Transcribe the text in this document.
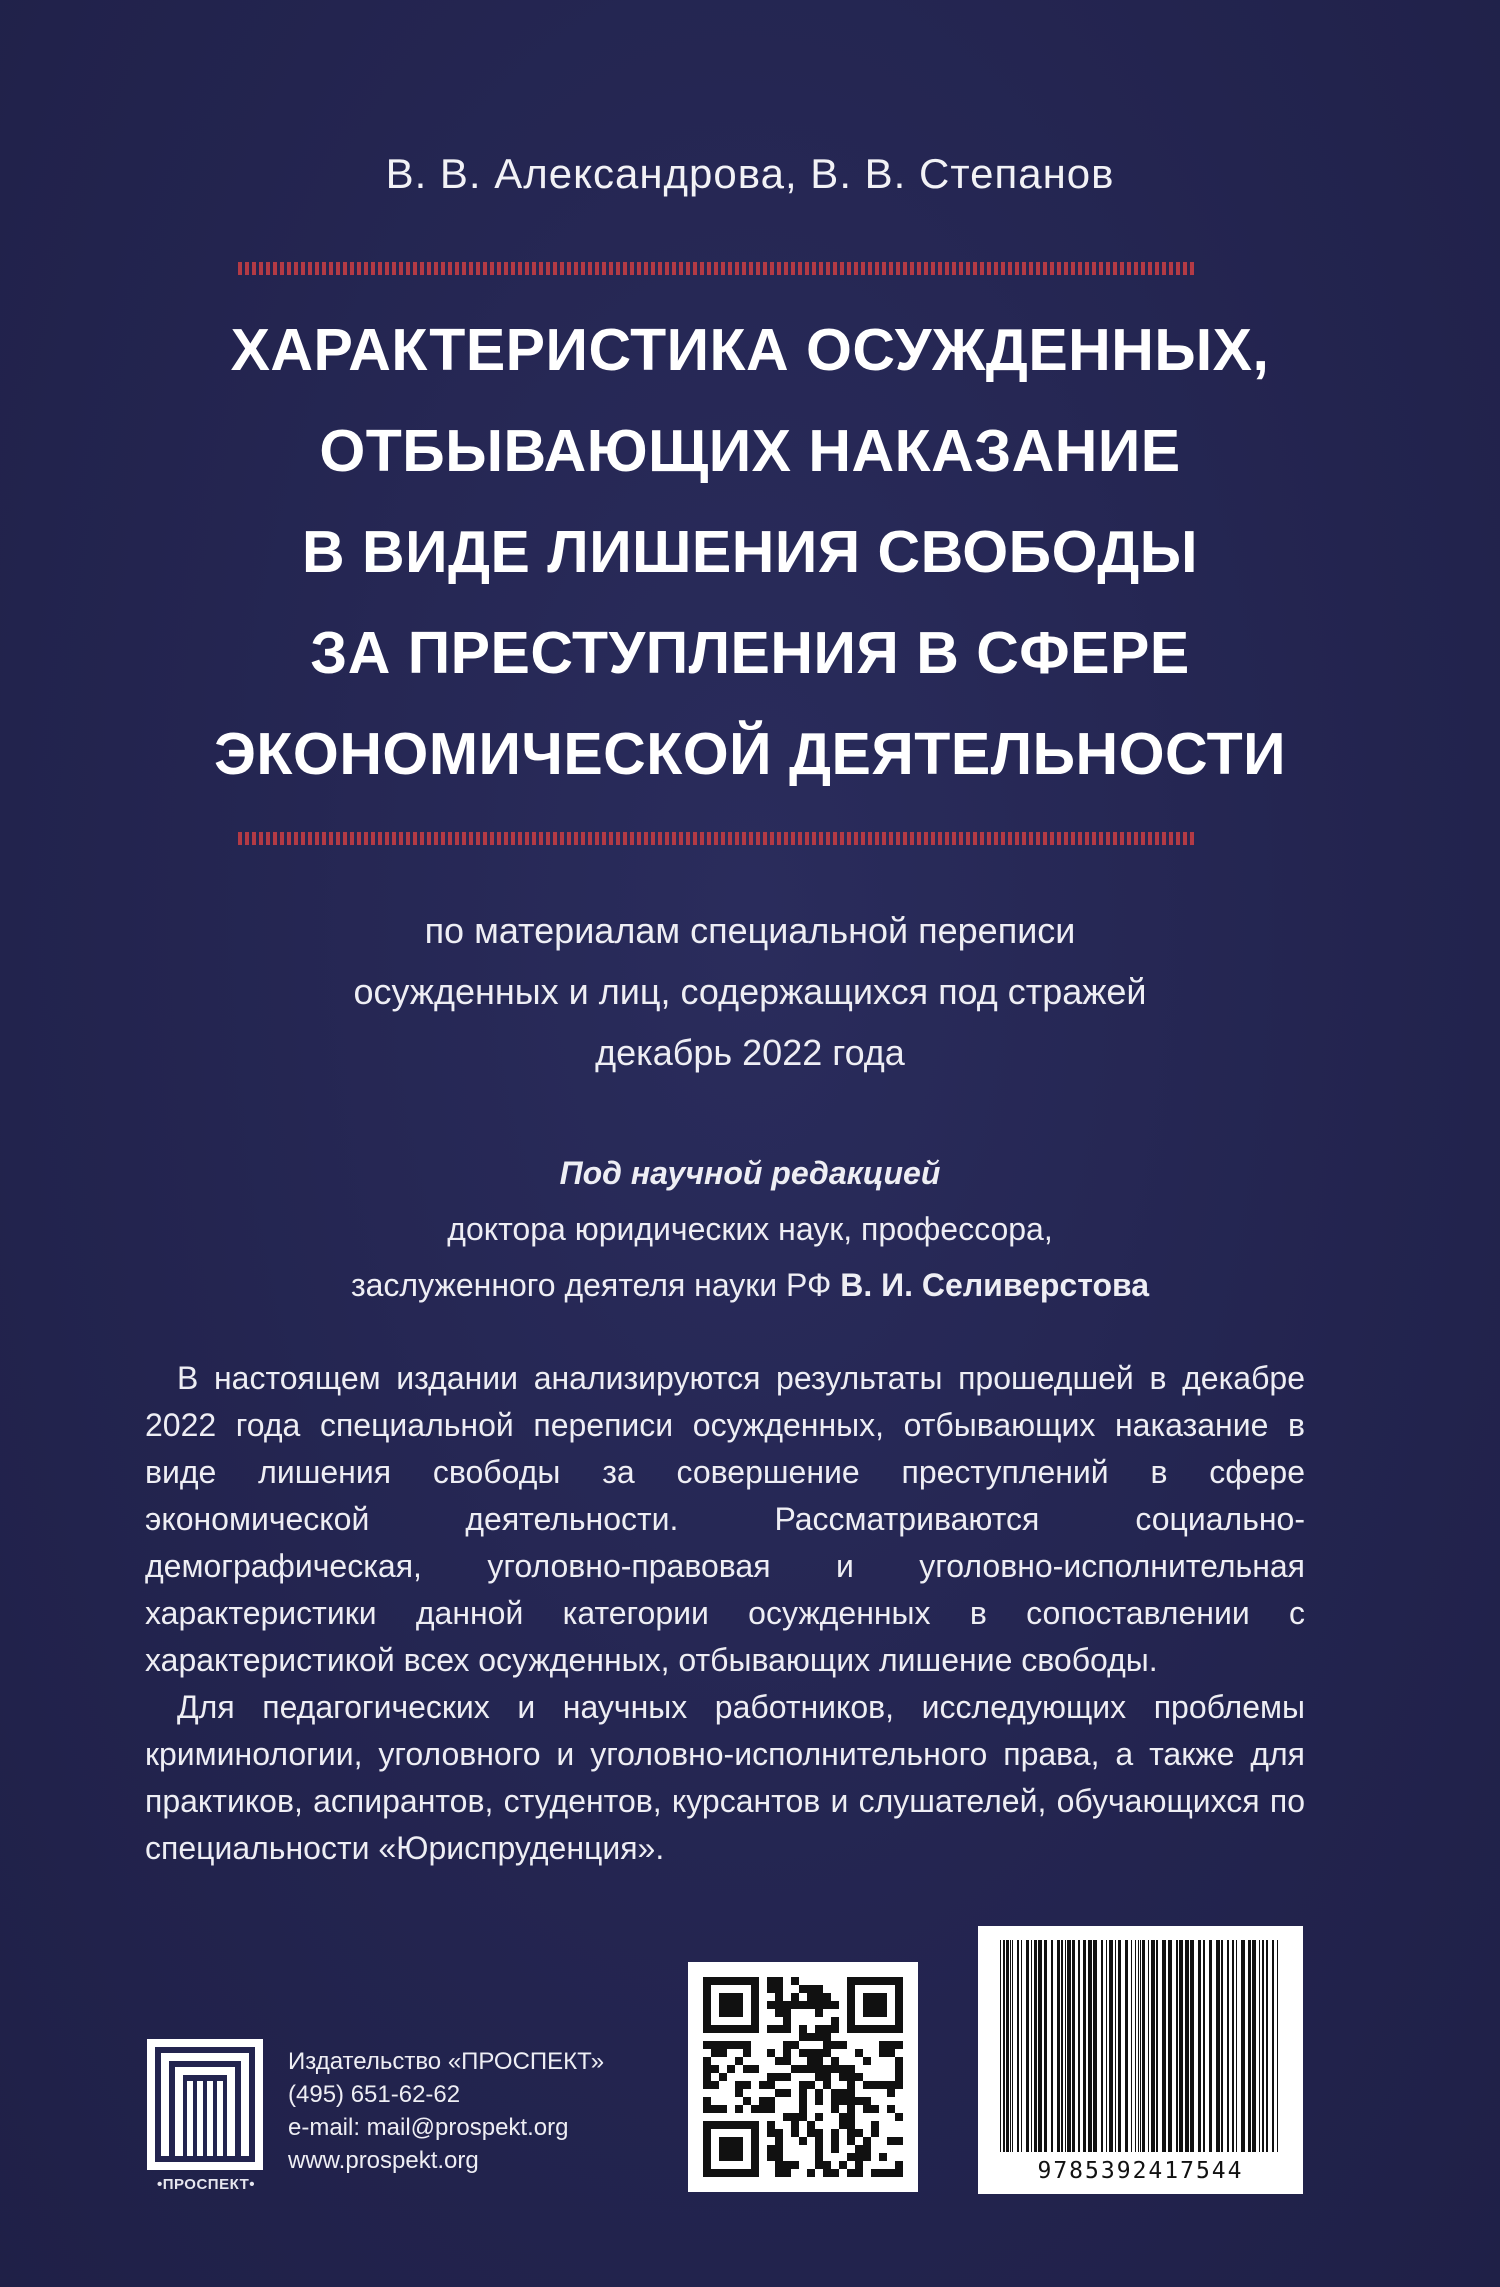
В. В. Александрова, В. В. Степанов
ХАРАКТЕРИСТИКА ОСУЖДЕННЫХ,
ОТБЫВАЮЩИХ НАКАЗАНИЕ
В ВИДЕ ЛИШЕНИЯ СВОБОДЫ
ЗА ПРЕСТУПЛЕНИЯ В СФЕРЕ
ЭКОНОМИЧЕСКОЙ ДЕЯТЕЛЬНОСТИ
по материалам специальной переписи
осужденных и лиц, содержащихся под стражей
декабрь 2022 года
Под научной редакцией
доктора юридических наук, профессора,
заслуженного деятеля науки РФ В. И. Селиверстова

В настоящем издании анализируются результаты прошедшей в декабре 2022 года специальной переписи осужденных, отбывающих наказание в виде лишения свободы за совершение преступлений в сфере экономической деятельности. Рассматриваются социально-демографическая, уголовно-правовая и уголовно-исполнительная характеристики данной категории осужденных в сопоставлении с характеристикой всех осужденных, отбывающих лишение свободы.

Для педагогических и научных работников, исследующих проблемы криминологии, уголовного и уголовно-исполнительного права, а также для практиков, аспирантов, студентов, курсантов и слушателей, обучающихся по специальности «Юриспруденция».

•ПРОСПЕКТ•
Издательство «ПРОСПЕКТ»
(495) 651-62-62
e-mail: mail@prospekt.org
www.prospekt.org	9785392417544
